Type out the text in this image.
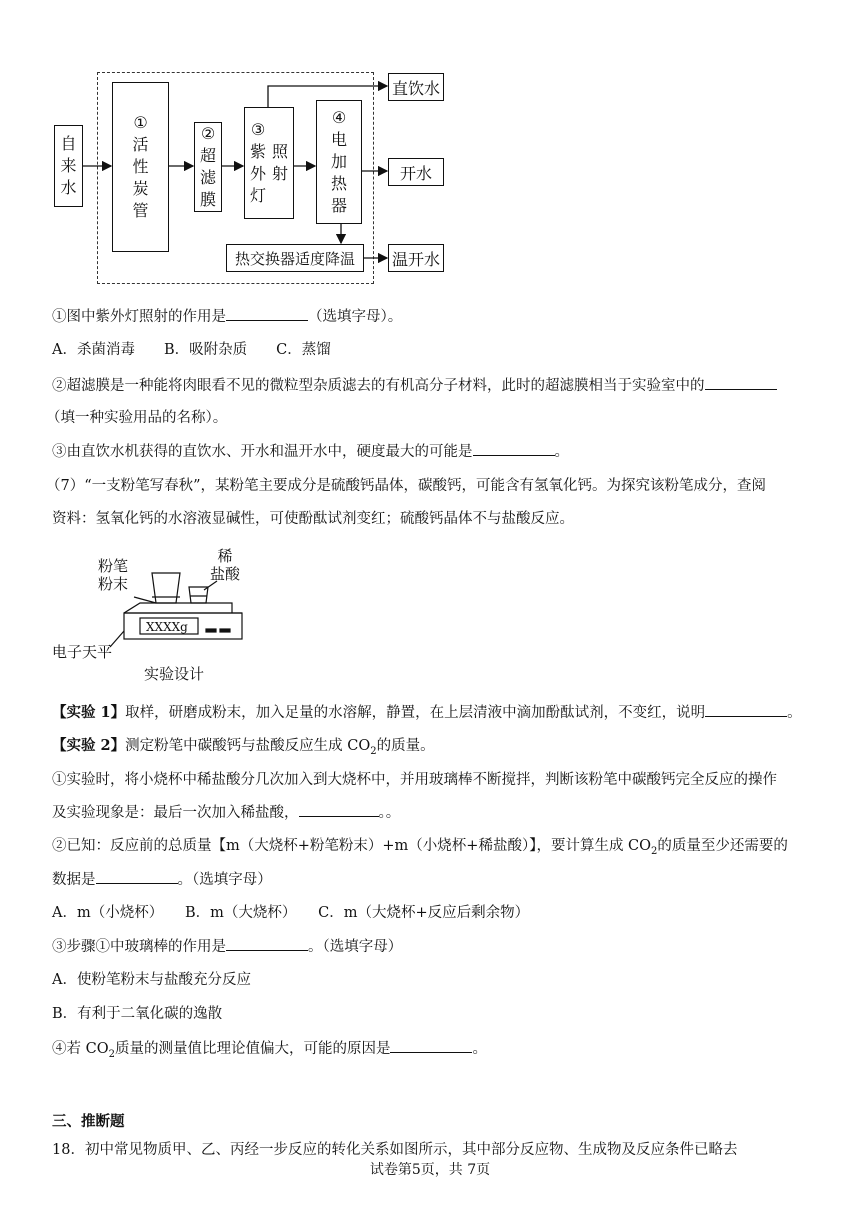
自
来
水
①
活
性
炭
管
②
超
滤
膜
③
紫
外
灯
照
射
④
电
加
热
器
热交换器适度降温
直饮水
开水
温开水
①图中紫外灯照射的作用是	（选填字母）。
A．杀菌消毒　　B．吸附杂质　　C．蒸馏
②超滤膜是一种能将肉眼看不见的微粒型杂质滤去的有机高分子材料，此时的超滤膜相当于实验室中的
（填一种实验用品的名称）。
③由直饮水机获得的直饮水、开水和温开水中，硬度最大的可能是	。
（7）“一支粉笔写春秋”，某粉笔主要成分是硫酸钙晶体，碳酸钙，可能含有氢氧化钙。为探究该粉笔成分，查阅
资料：氢氧化钙的水溶液显碱性，可使酚酞试剂变红；硫酸钙晶体不与盐酸反应。
粉笔
粉末
稀
盐酸
XXXXg
电子天平
实验设计
【实验 1】取样，研磨成粉末，加入足量的水溶解，静置，在上层清液中滴加酚酞试剂，不变红，说明	。
【实验 2】测定粉笔中碳酸钙与盐酸反应生成 $CO_2$的质量。
①实验时，将小烧杯中稀盐酸分几次加入到大烧杯中，并用玻璃棒不断搅拌，判断该粉笔中碳酸钙完全反应的操作
及实验现象是：最后一次加入稀盐酸，	。。
②已知：反应前的总质量【m（大烧杯+粉笔粉末）+m（小烧杯+稀盐酸）】，要计算生成 $CO_2$的质量至少还需要的
数据是	。（选填字母）
A．m（小烧杯）　　B．m（大烧杯）　　C．m（大烧杯+反应后剩余物）
③步骤①中玻璃棒的作用是	。（选填字母）
A．使粉笔粉末与盐酸充分反应
B．有利于二氧化碳的逸散
④若 $CO_2$质量的测量值比理论值偏大，可能的原因是	。
三、推断题
18．初中常见物质甲、乙、丙经一步反应的转化关系如图所示，其中部分反应物、生成物及反应条件已略去
试卷第5页，共 7页
